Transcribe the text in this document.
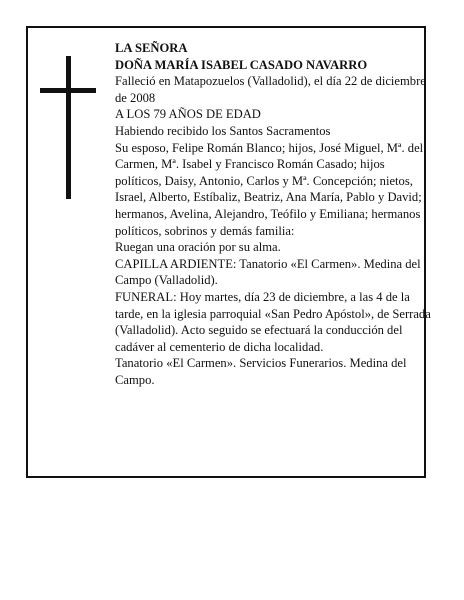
LA SEÑORA

DOÑA MARÍA ISABEL CASADO NAVARRO

Falleció en Matapozuelos (Valladolid), el día 22 de diciembre de 2008

A LOS 79 AÑOS DE EDAD

Habiendo recibido los Santos Sacramentos

Su esposo, Felipe Román Blanco; hijos, José Miguel, Mª. del Carmen, Mª. Isabel y Francisco Román Casado; hijos políticos, Daisy, Antonio, Carlos y Mª. Concepción; nietos, Israel, Alberto, Estíbaliz, Beatriz, Ana María, Pablo y David; hermanos, Avelina, Alejandro, Teófilo y Emiliana; hermanos políticos, sobrinos y demás familia:

Ruegan una oración por su alma.

CAPILLA ARDIENTE: Tanatorio «El Carmen». Medina del Campo (Valladolid).

FUNERAL: Hoy martes, día 23 de diciembre, a las 4 de la tarde, en la iglesia parroquial «San Pedro Apóstol», de Serrada (Valladolid). Acto seguido se efectuará la conducción del cadáver al cementerio de dicha localidad.

Tanatorio «El Carmen». Servicios Funerarios. Medina del Campo.
